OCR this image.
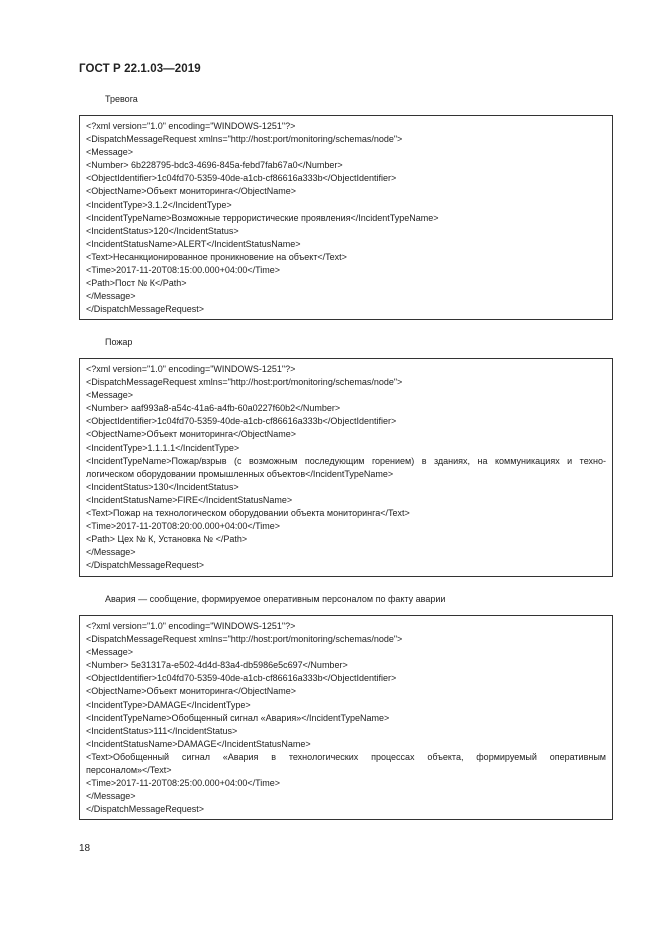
ГОСТ Р 22.1.03—2019
Тревога
<?xml version="1.0" encoding="WINDOWS-1251"?>
<DispatchMessageRequest xmlns="http://host:port/monitoring/schemas/node">
<Message>
<Number> 6b228795-bdc3-4696-845a-febd7fab67a0</Number>
<ObjectIdentifier>1c04fd70-5359-40de-a1cb-cf86616a333b</ObjectIdentifier>
<ObjectName>Объект мониторинга</ObjectName>
<IncidentType>3.1.2</IncidentType>
<IncidentTypeName>Возможные террористические проявления</IncidentTypeName>
<IncidentStatus>120</IncidentStatus>
<IncidentStatusName>ALERT</IncidentStatusName>
<Text>Несанкционированное проникновение на объект</Text>
<Time>2017-11-20T08:15:00.000+04:00</Time>
<Path>Пост № К</Path>
</Message>
</DispatchMessageRequest>
Пожар
<?xml version="1.0" encoding="WINDOWS-1251"?>
<DispatchMessageRequest xmlns="http://host:port/monitoring/schemas/node">
<Message>
<Number> aaf993a8-a54c-41a6-a4fb-60a0227f60b2</Number>
<ObjectIdentifier>1c04fd70-5359-40de-a1cb-cf86616a333b</ObjectIdentifier>
<ObjectName>Объект мониторинга</ObjectName>
<IncidentType>1.1.1.1</IncidentType>
<IncidentTypeName>Пожар/взрыв (с возможным последующим горением) в зданиях, на коммуникациях и техно-
логическом оборудовании промышленных объектов</IncidentTypeName>
<IncidentStatus>130</IncidentStatus>
<IncidentStatusName>FIRE</IncidentStatusName>
<Text>Пожар на технологическом оборудовании объекта мониторинга</Text>
<Time>2017-11-20T08:20:00.000+04:00</Time>
<Path> Цех № К, Установка № </Path>
</Message>
</DispatchMessageRequest>
Авария — сообщение, формируемое оперативным персоналом по факту аварии
<?xml version="1.0" encoding="WINDOWS-1251"?>
<DispatchMessageRequest xmlns="http://host:port/monitoring/schemas/node">
<Message>
<Number> 5e31317a-e502-4d4d-83a4-db5986e5c697</Number>
<ObjectIdentifier>1c04fd70-5359-40de-a1cb-cf86616a333b</ObjectIdentifier>
<ObjectName>Объект мониторинга</ObjectName>
<IncidentType>DAMAGE</IncidentType>
<IncidentTypeName>Обобщенный сигнал «Авария»</IncidentTypeName>
<IncidentStatus>111</IncidentStatus>
<IncidentStatusName>DAMAGE</IncidentStatusName>
<Text>Обобщенный сигнал «Авария в технологических процессах объекта, формируемый оперативным
персоналом»</Text>
<Time>2017-11-20T08:25:00.000+04:00</Time>
</Message>
</DispatchMessageRequest>
18
